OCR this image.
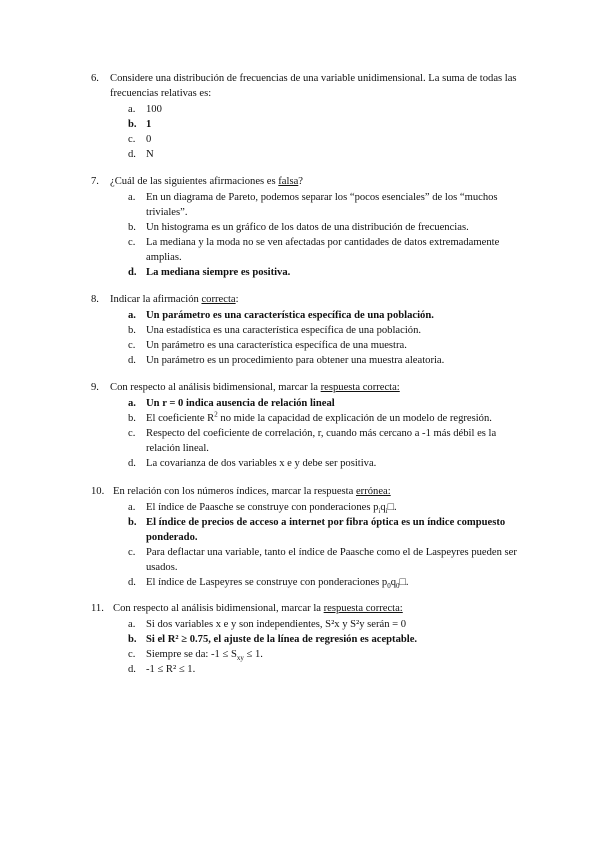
6. Considere una distribución de frecuencias de una variable unidimensional. La suma de todas las frecuencias relativas es:
a. 100
b. 1
c. 0
d. N
7. ¿Cuál de las siguientes afirmaciones es falsa?
a. En un diagrama de Pareto, podemos separar los “pocos esenciales” de los “muchos triviales”.
b. Un histograma es un gráfico de los datos de una distribución de frecuencias.
c. La mediana y la moda no se ven afectadas por cantidades de datos extremadamente amplias.
d. La mediana siempre es positiva.
8. Indicar la afirmación correcta:
a. Un parámetro es una característica específica de una población.
b. Una estadística es una característica específica de una población.
c. Un parámetro es una característica específica de una muestra.
d. Un parámetro es un procedimiento para obtener una muestra aleatoria.
9. Con respecto al análisis bidimensional, marcar la respuesta correcta:
a. Un r = 0 indica ausencia de relación lineal
b. El coeficiente $R^2$ no mide la capacidad de explicación de un modelo de regresión.
c. Respecto del coeficiente de correlación, r, cuando más cercano a -1 más débil es la relación lineal.
d. La covarianza de dos variables x e y debe ser positiva.
10. En relación con los números índices, marcar la respuesta errónea:
a. El índice de Paasche se construye con ponderaciones $p_iq_i□$.
b. El índice de precios de acceso a internet por fibra óptica es un índice compuesto ponderado.
c. Para deflactar una variable, tanto el índice de Paasche como el de Laspeyres pueden ser usados.
d. El índice de Laspeyres se construye con ponderaciones $p_0q_0□$.
11. Con respecto al análisis bidimensional, marcar la respuesta correcta:
a. Si dos variables x e y son independientes, S²x y S²y serán = 0
b. Si el R² ≥ 0.75, el ajuste de la línea de regresión es aceptable.
c. Siempre se da: $-1 \le S_{xy} \le 1$.
d. -1 ≤ R² ≤ 1.
